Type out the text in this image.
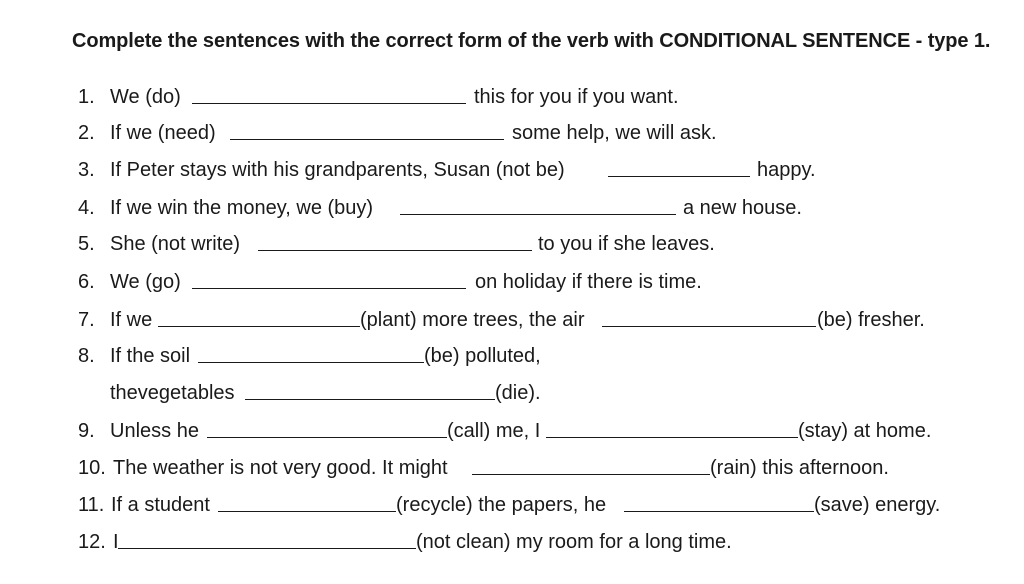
Complete the sentences with the correct form of the verb with CONDITIONAL SENTENCE - type 1.
1. We (do)	this for you if you want.
2. If we (need)	some help, we will ask.
3. If Peter stays with his grandparents, Susan (not be)	happy.
4. If we win the money, we (buy)	a new house.
5. She (not write)	to you if she leaves.
6. We (go)	on holiday if there is time.
7. If we	(plant) more trees, the air	(be) fresher.
8. If the soil	(be) polluted,
thevegetables	(die).
9. Unless he	(call) me, I	(stay) at home.
10. The weather is not very good. It might	(rain) this afternoon.
11. If a student	(recycle) the papers, he	(save) energy.
12. I	(not clean) my room for a long time.
